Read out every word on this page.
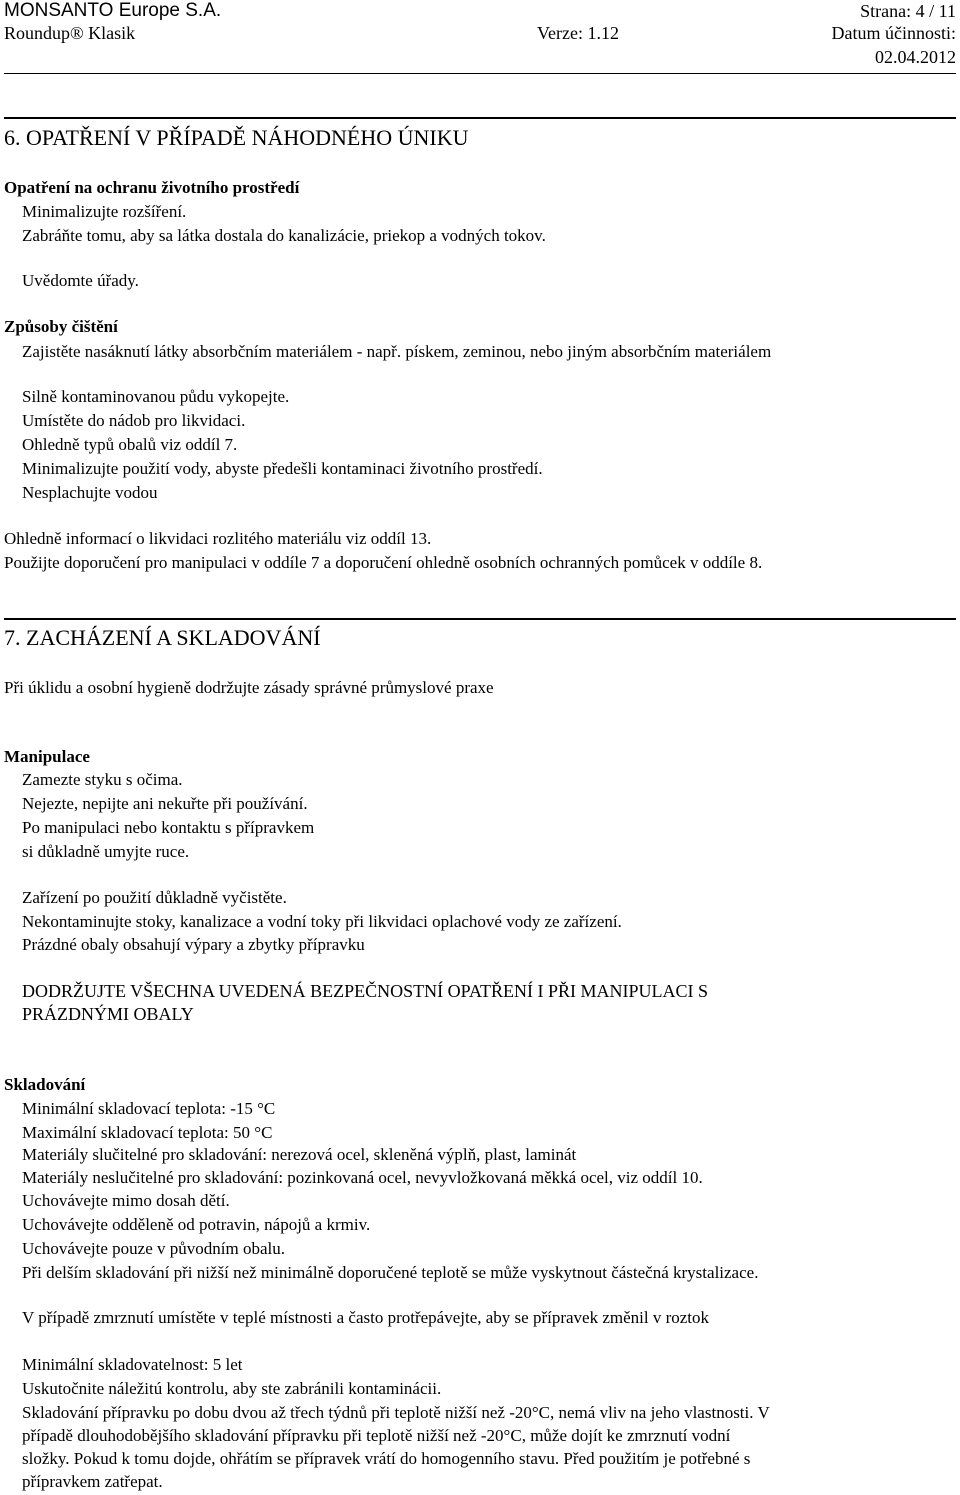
MONSANTO Europe S.A.	Strana: 4 / 11
Roundup® Klasik	Verze: 1.12	Datum účinnosti:
02.04.2012
6. OPATŘENÍ V PŘÍPADĚ NÁHODNÉHO ÚNIKU
Opatření na ochranu životního prostředí
Minimalizujte rozšíření.
Zabráňte tomu, aby sa látka dostala do kanalizácie, priekop a vodných tokov.
Uvědomte úřady.
Způsoby čištění
Zajistěte nasáknutí látky absorbčním materiálem - např. pískem, zeminou, nebo jiným absorbčním materiálem
Silně kontaminovanou půdu vykopejte.
Umístěte do nádob pro likvidaci.
Ohledně typů obalů viz oddíl 7.
Minimalizujte použití vody, abyste předešli kontaminaci životního prostředí.
Nesplachujte vodou
Ohledně informací o likvidaci rozlitého materiálu viz oddíl 13.
Použijte doporučení pro manipulaci v oddíle 7 a doporučení ohledně osobních ochranných pomůcek v oddíle 8.
7. ZACHÁZENÍ A SKLADOVÁNÍ
Při úklidu a osobní hygieně dodržujte zásady správné průmyslové praxe
Manipulace
Zamezte styku s očima.
Nejezte, nepijte ani nekuřte při používání.
Po manipulaci nebo kontaktu s přípravkem
si důkladně umyjte ruce.
Zařízení po použití důkladně vyčistěte.
Nekontaminujte stoky, kanalizace a vodní toky při likvidaci oplachové vody ze zařízení.
Prázdné obaly obsahují výpary a zbytky přípravku
DODRŽUJTE VŠECHNA UVEDENÁ BEZPEČNOSTNÍ OPATŘENÍ I PŘI MANIPULACI S
PRÁZDNÝMI OBALY
Skladování
Minimální skladovací teplota: -15 °C
Maximální skladovací teplota: 50 °C
Materiály slučitelné pro skladování: nerezová ocel, skleněná výplň, plast, laminát
Materiály neslučitelné pro skladování: pozinkovaná ocel, nevyvložkovaná měkká ocel, viz oddíl 10.
Uchovávejte mimo dosah dětí.
Uchovávejte odděleně od potravin, nápojů a krmiv.
Uchovávejte pouze v původním obalu.
Při delším skladování při nižší než minimálně doporučené teplotě se může vyskytnout částečná krystalizace.
V případě zmrznutí umístěte v teplé místnosti a často protřepávejte, aby se přípravek změnil v roztok
Minimální skladovatelnost: 5 let
Uskutočnite náležitú kontrolu, aby ste zabránili kontaminácii.
Skladování přípravku po dobu dvou až třech týdnů při teplotě nižší než -20°C, nemá vliv na jeho vlastnosti. V
případě dlouhodobějšího skladování přípravku při teplotě nižší než -20°C, může dojít ke zmrznutí vodní
složky. Pokud k tomu dojde, ohřátím se přípravek vrátí do homogenního stavu. Před použitím je potřebné s
přípravkem zatřepat.
